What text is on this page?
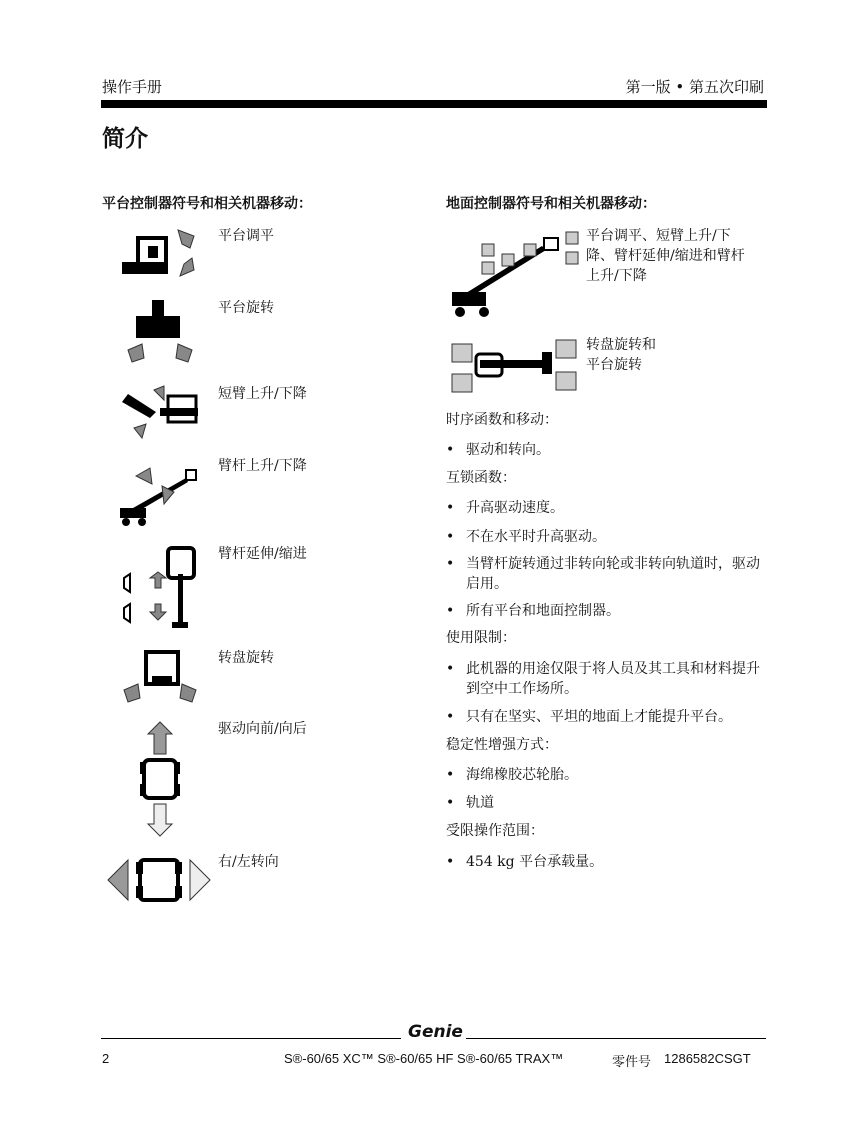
操作手册	第一版 • 第五次印刷
简介
平台控制器符号和相关机器移动：
平台调平
平台旋转
短臂上升/下降
臂杆上升/下降
臂杆延伸/缩进
转盘旋转
驱动向前/向后
右/左转向
地面控制器符号和相关机器移动：
平台调平、短臂上升/下
降、臂杆延伸/缩进和臂杆
上升/下降
转盘旋转和
平台旋转
时序函数和移动：
• 驱动和转向。
互锁函数：
• 升高驱动速度。
• 不在水平时升高驱动。
• 当臂杆旋转通过非转向轮或非转向轨道时，驱动启用。
• 所有平台和地面控制器。
使用限制：
• 此机器的用途仅限于将人员及其工具和材料提升到空中工作场所。
• 只有在坚实、平坦的地面上才能提升平台。
稳定性增强方式：
• 海绵橡胶芯轮胎。
• 轨道
受限操作范围：
• 454 kg 平台承载量。
Genie
2	S®-60/65 XC™ S®-60/65 HF S®-60/65 TRAX™	零件号 1286582CSGT
